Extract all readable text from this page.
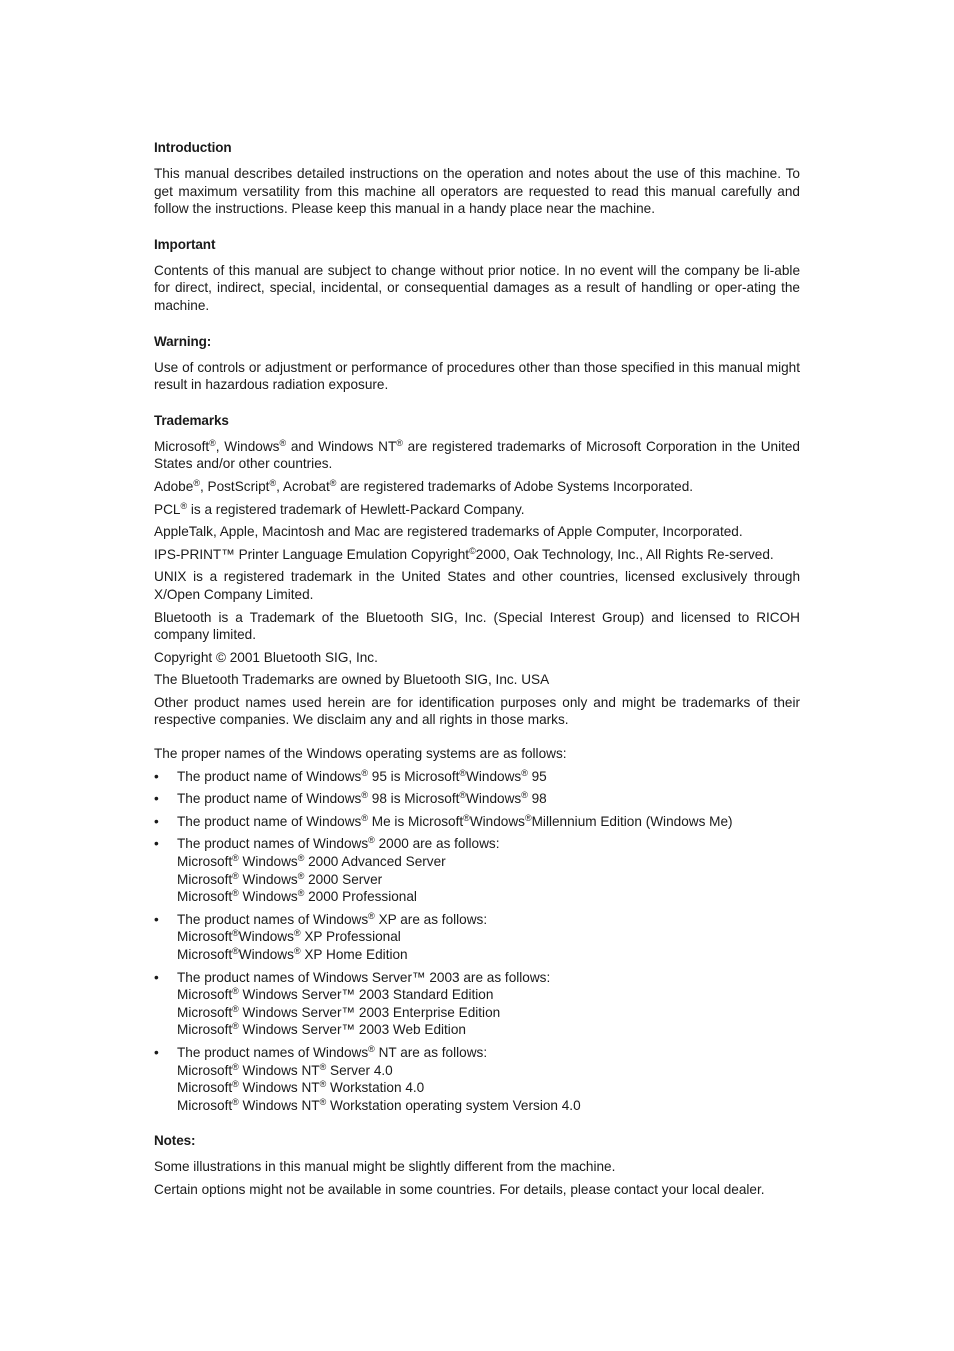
Introduction

This manual describes detailed instructions on the operation and notes about the use of this machine. To get maximum versatility from this machine all operators are requested to read this manual carefully and follow the instructions. Please keep this manual in a handy place near the machine.

Important

Contents of this manual are subject to change without prior notice. In no event will the company be li-able for direct, indirect, special, incidental, or consequential damages as a result of handling or oper-ating the machine.

Warning:

Use of controls or adjustment or performance of procedures other than those specified in this manual might result in hazardous radiation exposure.

Trademarks

Microsoft®, Windows® and Windows NT® are registered trademarks of Microsoft Corporation in the United States and/or other countries.

Adobe®, PostScript®, Acrobat® are registered trademarks of Adobe Systems Incorporated.

PCL® is a registered trademark of Hewlett-Packard Company.

AppleTalk, Apple, Macintosh and Mac are registered trademarks of Apple Computer, Incorporated.

IPS-PRINT™ Printer Language Emulation Copyright©2000, Oak Technology, Inc., All Rights Re-served.

UNIX is a registered trademark in the United States and other countries, licensed exclusively through X/Open Company Limited.

Bluetooth is a Trademark of the Bluetooth SIG, Inc. (Special Interest Group) and licensed to RICOH company limited.

Copyright © 2001 Bluetooth SIG, Inc.

The Bluetooth Trademarks are owned by Bluetooth SIG, Inc. USA

Other product names used herein are for identification purposes only and might be trademarks of their respective companies. We disclaim any and all rights in those marks.

The proper names of the Windows operating systems are as follows:

• The product name of Windows® 95 is Microsoft®Windows® 95
• The product name of Windows® 98 is Microsoft®Windows® 98
• The product name of Windows® Me is Microsoft®Windows®Millennium Edition (Windows Me)
• The product names of Windows® 2000 are as follows:
Microsoft® Windows® 2000 Advanced Server
Microsoft® Windows® 2000 Server
Microsoft® Windows® 2000 Professional
• The product names of Windows® XP are as follows:
Microsoft®Windows® XP Professional
Microsoft®Windows® XP Home Edition
• The product names of Windows Server™ 2003 are as follows:
Microsoft® Windows Server™ 2003 Standard Edition
Microsoft® Windows Server™ 2003 Enterprise Edition
Microsoft® Windows Server™ 2003 Web Edition
• The product names of Windows® NT are as follows:
Microsoft® Windows NT® Server 4.0
Microsoft® Windows NT® Workstation 4.0
Microsoft® Windows NT® Workstation operating system Version 4.0
Notes:

Some illustrations in this manual might be slightly different from the machine.

Certain options might not be available in some countries. For details, please contact your local dealer.
